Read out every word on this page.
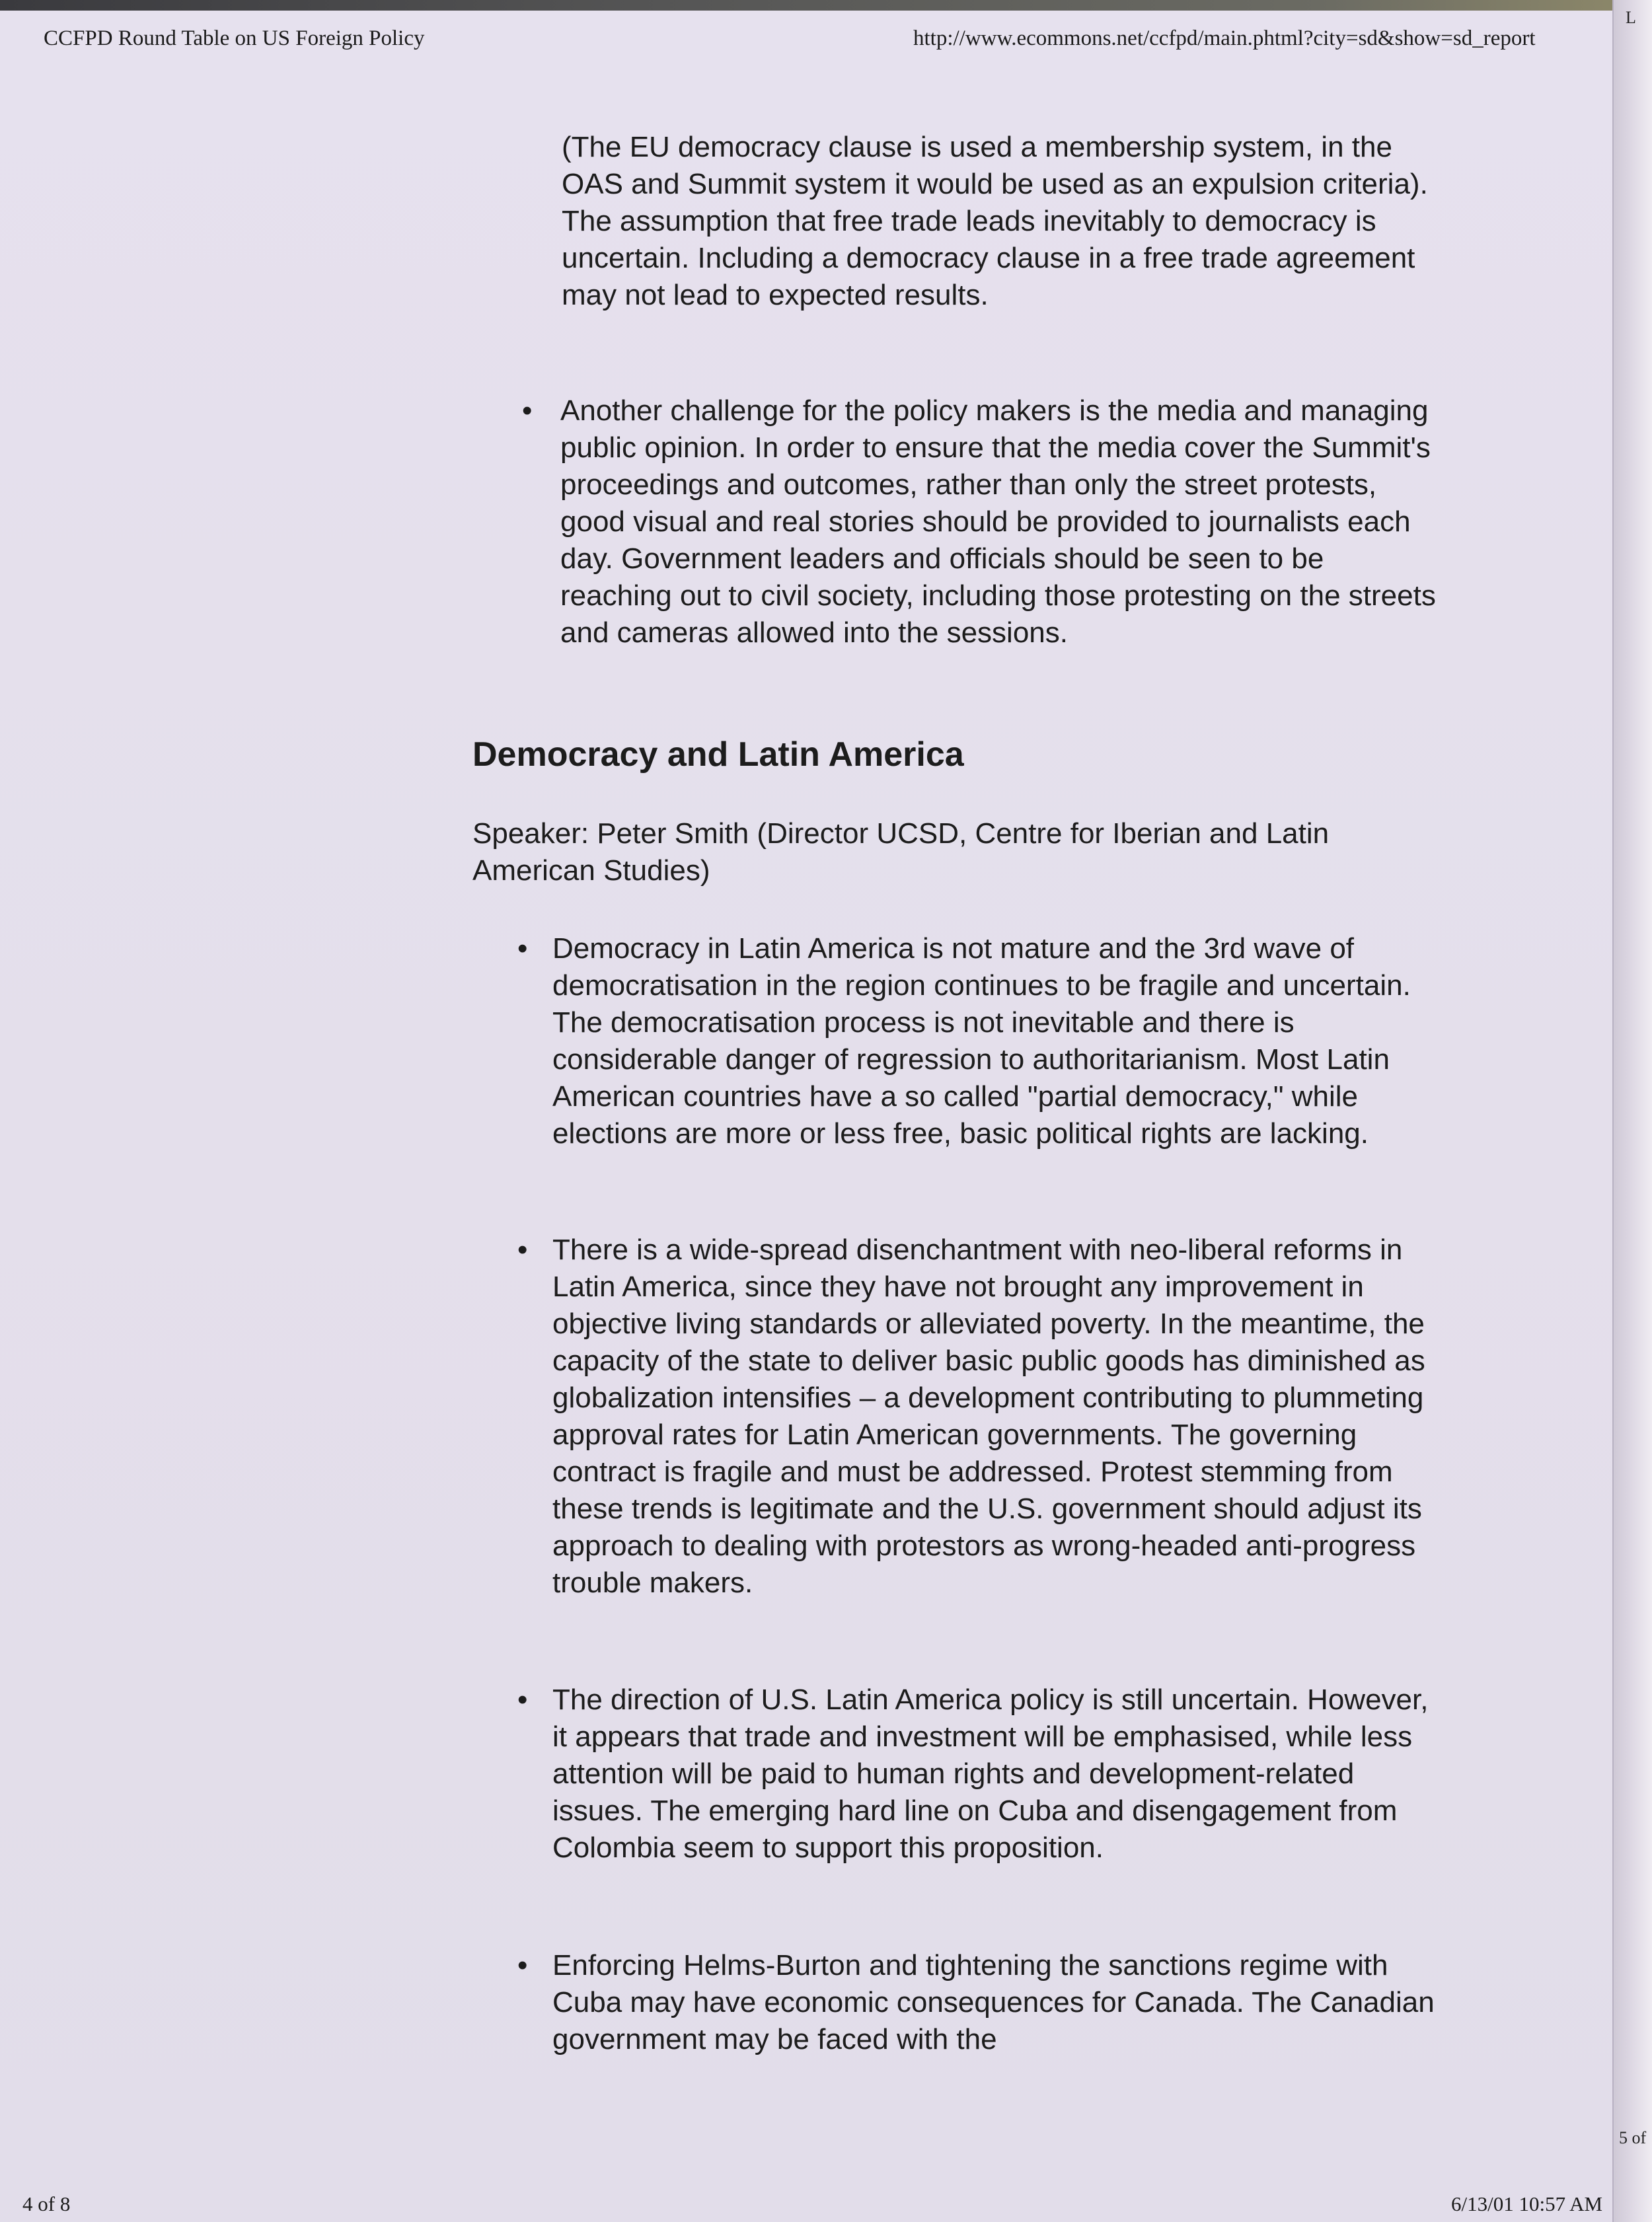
L
5 of
CCFPD Round Table on US Foreign Policy	http://www.ecommons.net/ccfpd/main.phtml?city=sd&show=sd_report

(The EU democracy clause is used a membership system, in the OAS and Summit system it would be used as an expulsion criteria). The assumption that free trade leads inevitably to democracy is uncertain. Including a democracy clause in a free trade agreement may not lead to expected results.

• Another challenge for the policy makers is the media and managing public opinion. In order to ensure that the media cover the Summit's proceedings and outcomes, rather than only the street protests, good visual and real stories should be provided to journalists each day. Government leaders and officials should be seen to be reaching out to civil society, including those protesting on the streets and cameras allowed into the sessions.

Democracy and Latin America

Speaker: Peter Smith (Director UCSD, Centre for Iberian and Latin American Studies)

• Democracy in Latin America is not mature and the 3rd wave of democratisation in the region continues to be fragile and uncertain. The democratisation process is not inevitable and there is considerable danger of regression to authoritarianism. Most Latin American countries have a so called "partial democracy," while elections are more or less free, basic political rights are lacking.

• There is a wide-spread disenchantment with neo-liberal reforms in Latin America, since they have not brought any improvement in objective living standards or alleviated poverty. In the meantime, the capacity of the state to deliver basic public goods has diminished as globalization intensifies – a development contributing to plummeting approval rates for Latin American governments. The governing contract is fragile and must be addressed. Protest stemming from these trends is legitimate and the U.S. government should adjust its approach to dealing with protestors as wrong-headed anti-progress trouble makers.

• The direction of U.S. Latin America policy is still uncertain. However, it appears that trade and investment will be emphasised, while less attention will be paid to human rights and development-related issues. The emerging hard line on Cuba and disengagement from Colombia seem to support this proposition.

• Enforcing Helms-Burton and tightening the sanctions regime with Cuba may have economic consequences for Canada. The Canadian government may be faced with the

4 of 8	6/13/01 10:57 AM
